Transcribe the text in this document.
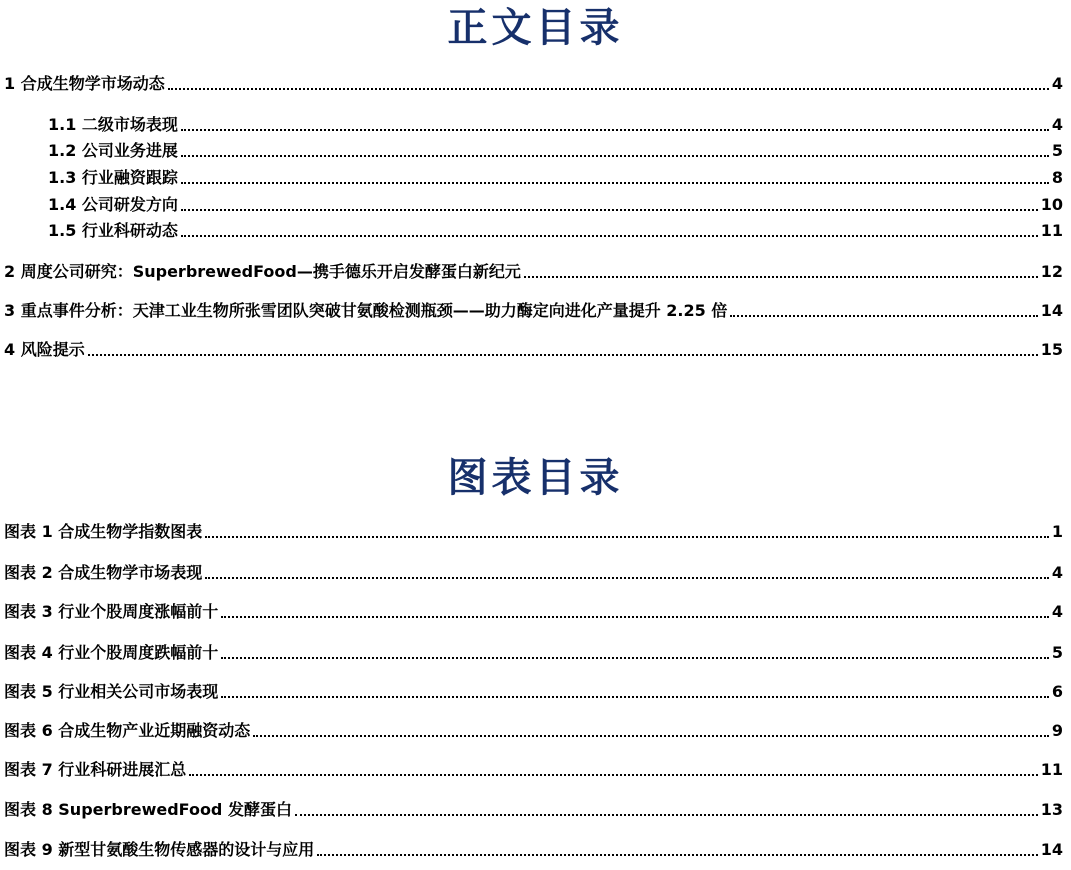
正文目录
1 合成生物学市场动态	4
1.1 二级市场表现	4
1.2 公司业务进展	5
1.3 行业融资跟踪	8
1.4 公司研发方向	10
1.5 行业科研动态	11
2 周度公司研究：SuperbrewedFood—携手德乐开启发酵蛋白新纪元	12
3 重点事件分析：天津工业生物所张雪团队突破甘氨酸检测瓶颈——助力酶定向进化产量提升 2.25 倍	14
4 风险提示	15
图表目录
图表 1 合成生物学指数图表	1
图表 2 合成生物学市场表现	4
图表 3 行业个股周度涨幅前十	4
图表 4 行业个股周度跌幅前十	5
图表 5 行业相关公司市场表现	6
图表 6 合成生物产业近期融资动态	9
图表 7 行业科研进展汇总	11
图表 8 SuperbrewedFood 发酵蛋白	13
图表 9 新型甘氨酸生物传感器的设计与应用	14
